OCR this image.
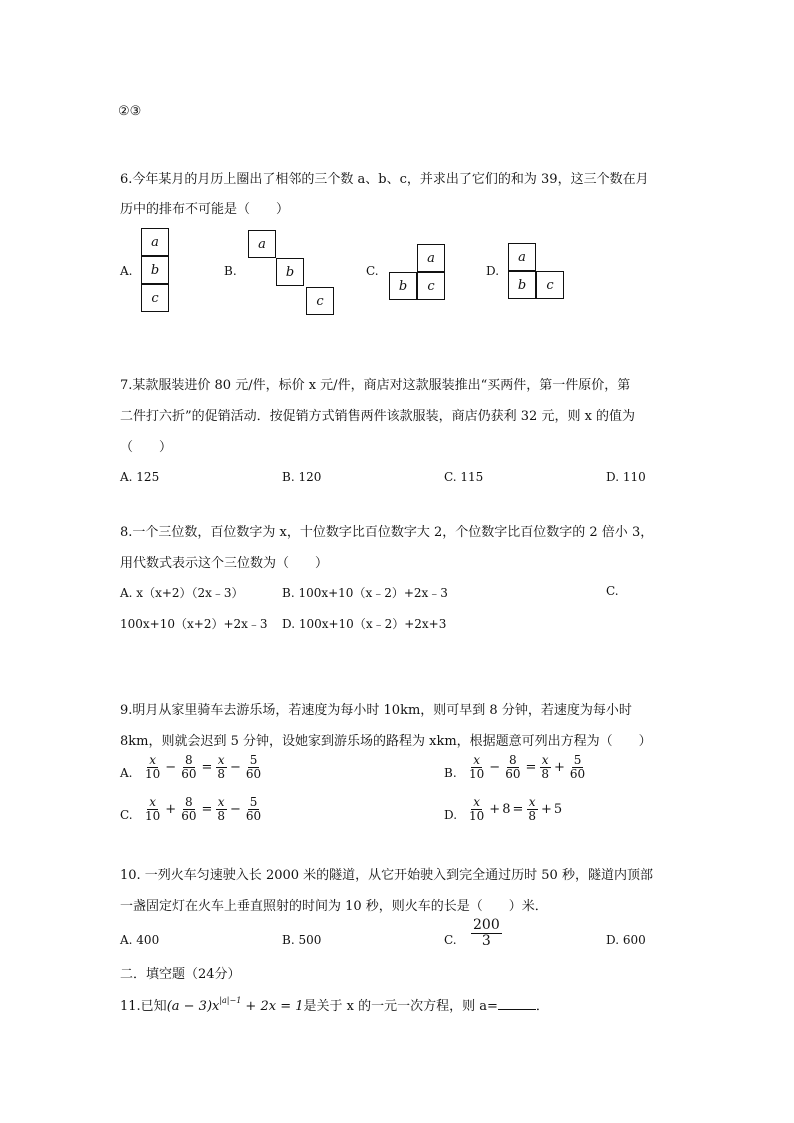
②③
6.今年某月的月历上圈出了相邻的三个数 a、b、c，并求出了它们的和为 39，这三个数在月
历中的排布不可能是（　　）
A.
a
b
c
B.
a
b
c
C.
a
b	c
D.
a
b	c
7.某款服装进价 80 元/件，标价 x 元/件，商店对这款服装推出“买两件，第一件原价，第
二件打六折”的促销活动．按促销方式销售两件该款服装，商店仍获利 32 元，则 x 的值为
（　　）
A. 125	B. 120	C. 115	D. 110
8.一个三位数，百位数字为 x，十位数字比百位数字大 2，个位数字比百位数字的 2 倍小 3，
用代数式表示这个三位数为（　　）
A. x（x+2）（2x﹣3）	B. 100x+10（x﹣2）+2x﹣3	C.
100x+10（x+2）+2x﹣3 D. 100x+10（x﹣2）+2x+3
9.明月从家里骑车去游乐场，若速度为每小时 10km，则可早到 8 分钟，若速度为每小时
8km，则就会迟到 5 分钟，设她家到游乐场的路程为 xkm，根据题意可列出方程为（　　）
A. $\frac{x}{10} - \frac{8}{60} = \frac{x}{8} - \frac{5}{60}$	B. $\frac{x}{10} - \frac{8}{60} = \frac{x}{8} + \frac{5}{60}$
C. $\frac{x}{10} + \frac{8}{60} = \frac{x}{8} - \frac{5}{60}$	D. $\frac{x}{10} + 8 = \frac{x}{8} + 5$
10. 一列火车匀速驶入长 2000 米的隧道，从它开始驶入到完全通过历时 50 秒，隧道内顶部
一盏固定灯在火车上垂直照射的时间为 10 秒，则火车的长是（　　）米．
A. 400	B. 500	C. $\frac{200}{3}$	D. 600
二．填空题（24分）
11.已知$(a - 3)x^{|a|-1} + 2x = 1$是关于 x 的一元一次方程，则 a=	．
